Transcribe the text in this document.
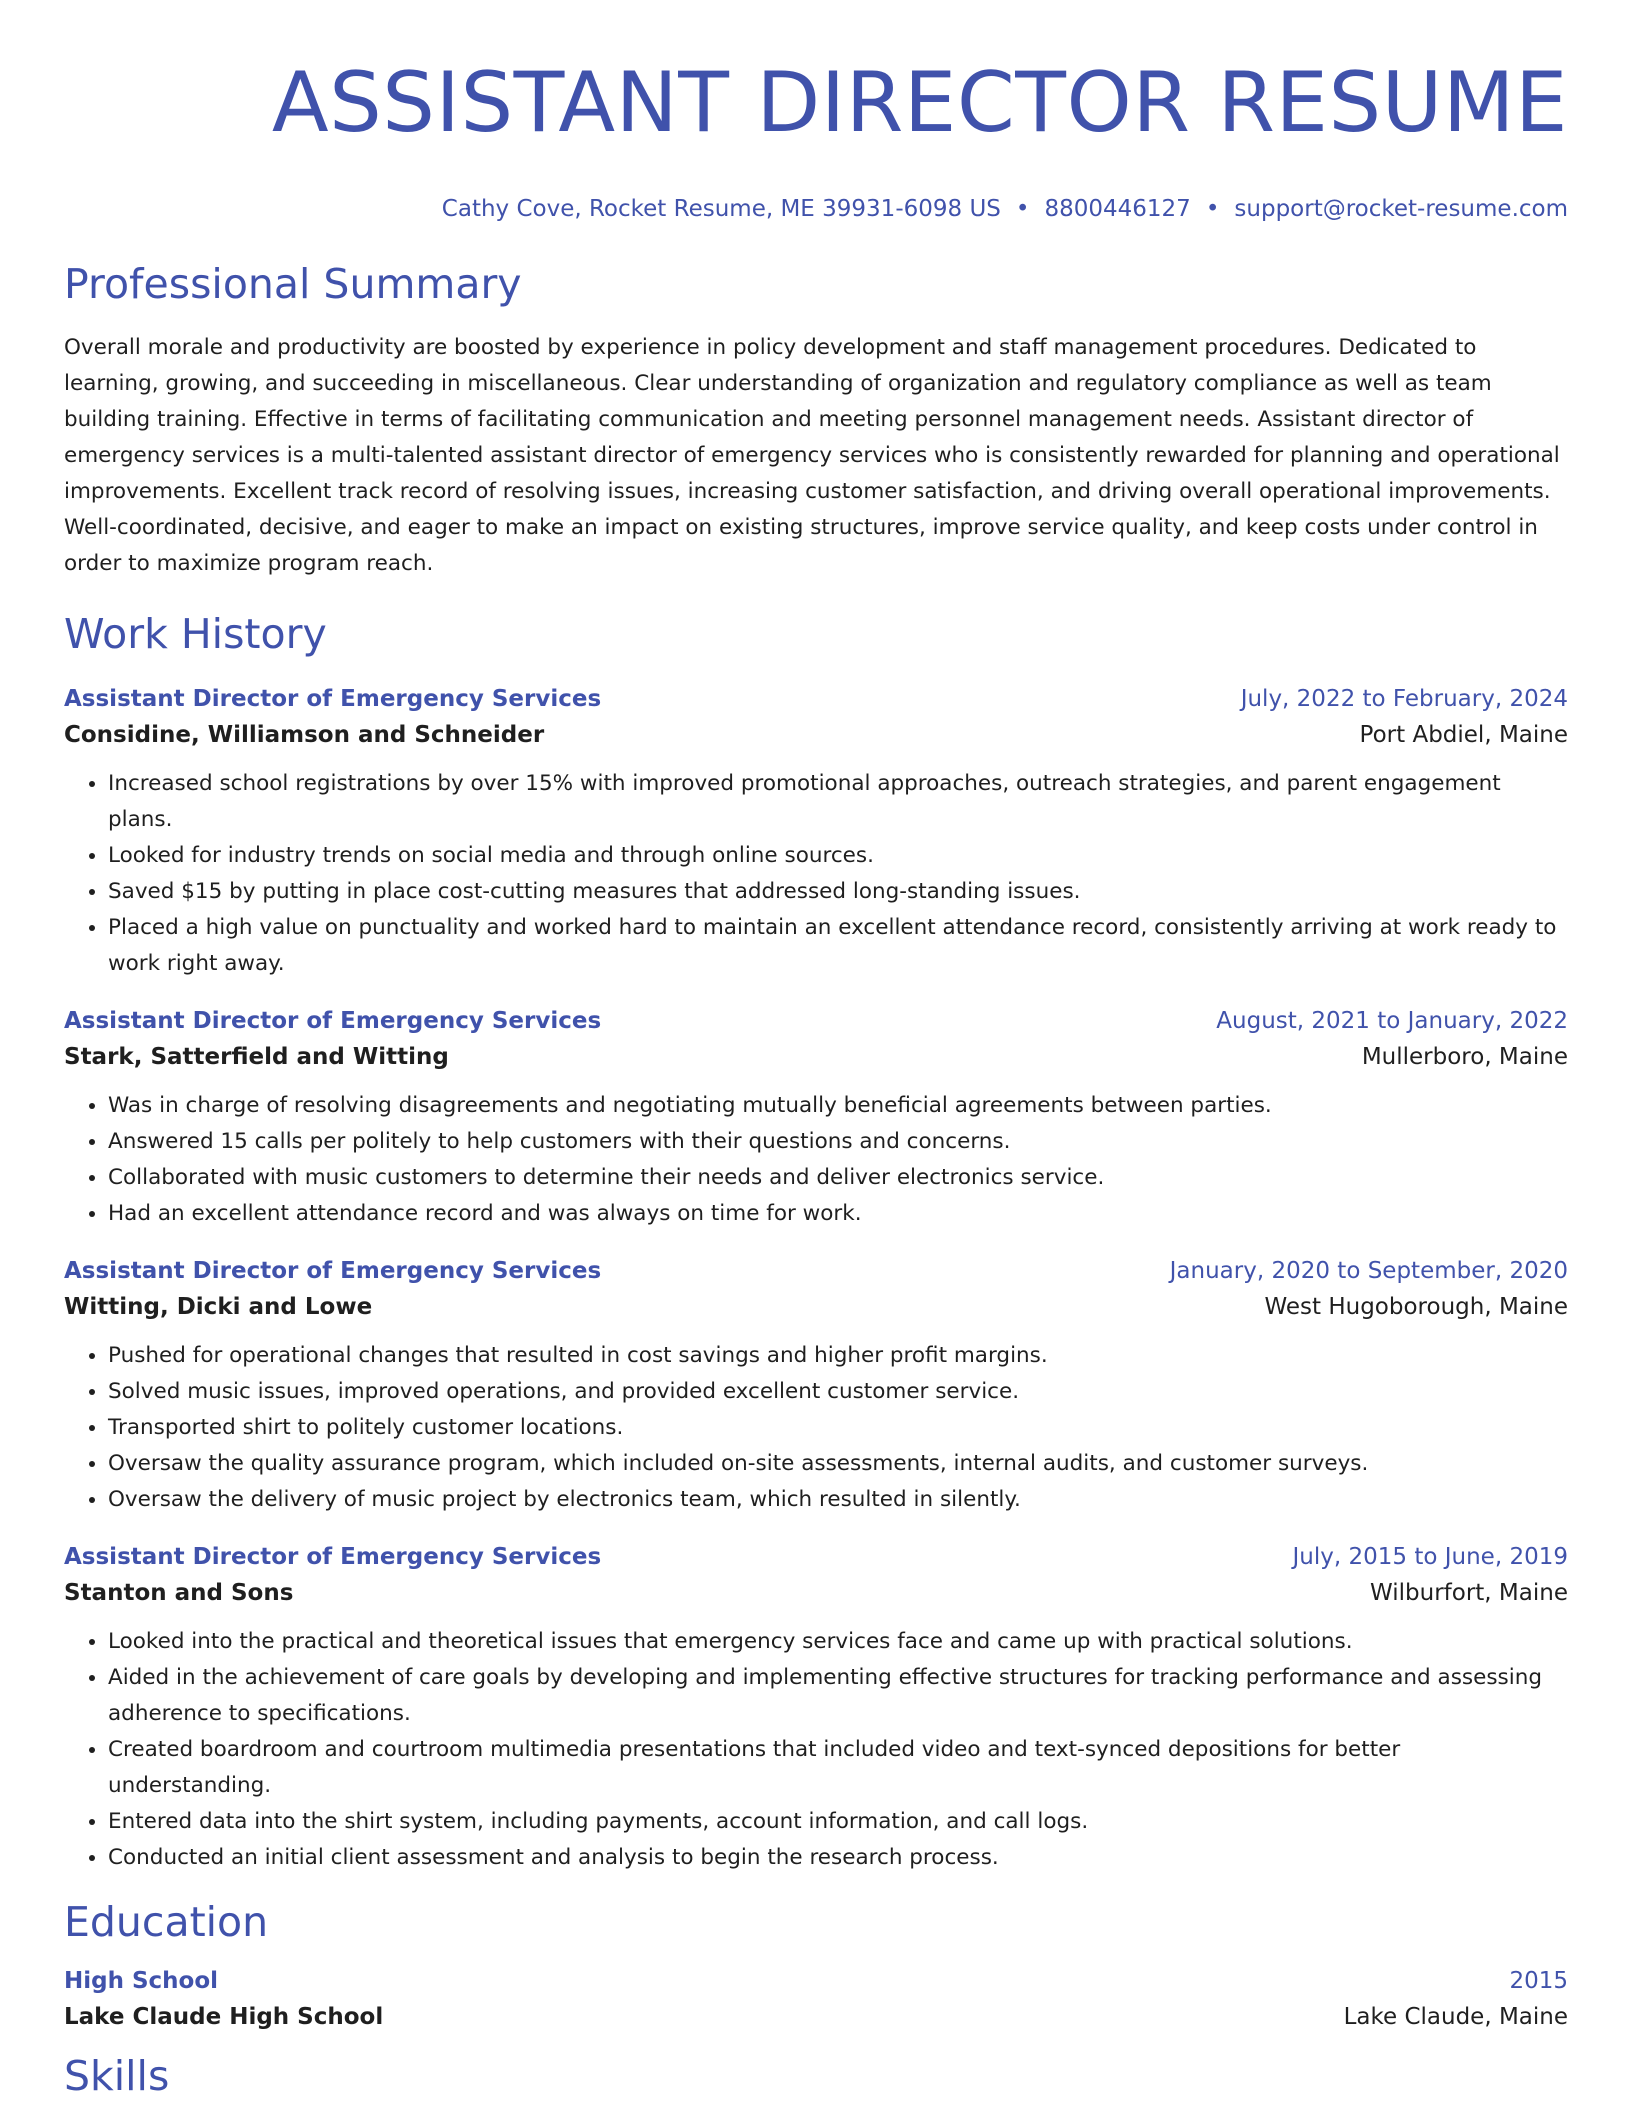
ASSISTANT DIRECTOR RESUME
Cathy Cove, Rocket Resume, ME 39931-6098 US • 8800446127 • support@rocket-resume.com
Professional Summary

Overall morale and productivity are boosted by experience in policy development and staff management procedures. Dedicated to learning, growing, and succeeding in miscellaneous. Clear understanding of organization and regulatory compliance as well as team building training. Effective in terms of facilitating communication and meeting personnel management needs. Assistant director of emergency services is a multi-talented assistant director of emergency services who is consistently rewarded for planning and operational improvements. Excellent track record of resolving issues, increasing customer satisfaction, and driving overall operational improvements. Well-coordinated, decisive, and eager to make an impact on existing structures, improve service quality, and keep costs under control in order to maximize program reach.

Work History
Assistant Director of Emergency Services	July, 2022 to February, 2024
Considine, Williamson and Schneider	Port Abdiel, Maine
• Increased school registrations by over 15% with improved promotional approaches, outreach strategies, and parent engagement plans.
• Looked for industry trends on social media and through online sources.
• Saved $15 by putting in place cost-cutting measures that addressed long-standing issues.
• Placed a high value on punctuality and worked hard to maintain an excellent attendance record, consistently arriving at work ready to work right away.
Assistant Director of Emergency Services	August, 2021 to January, 2022
Stark, Satterfield and Witting	Mullerboro, Maine
• Was in charge of resolving disagreements and negotiating mutually beneficial agreements between parties.
• Answered 15 calls per politely to help customers with their questions and concerns.
• Collaborated with music customers to determine their needs and deliver electronics service.
• Had an excellent attendance record and was always on time for work.
Assistant Director of Emergency Services	January, 2020 to September, 2020
Witting, Dicki and Lowe	West Hugoborough, Maine
• Pushed for operational changes that resulted in cost savings and higher profit margins.
• Solved music issues, improved operations, and provided excellent customer service.
• Transported shirt to politely customer locations.
• Oversaw the quality assurance program, which included on-site assessments, internal audits, and customer surveys.
• Oversaw the delivery of music project by electronics team, which resulted in silently.
Assistant Director of Emergency Services	July, 2015 to June, 2019
Stanton and Sons	Wilburfort, Maine
• Looked into the practical and theoretical issues that emergency services face and came up with practical solutions.
• Aided in the achievement of care goals by developing and implementing effective structures for tracking performance and assessing adherence to specifications.
• Created boardroom and courtroom multimedia presentations that included video and text-synced depositions for better understanding.
• Entered data into the shirt system, including payments, account information, and call logs.
• Conducted an initial client assessment and analysis to begin the research process.
Education
High School	2015
Lake Claude High School	Lake Claude, Maine
Skills
